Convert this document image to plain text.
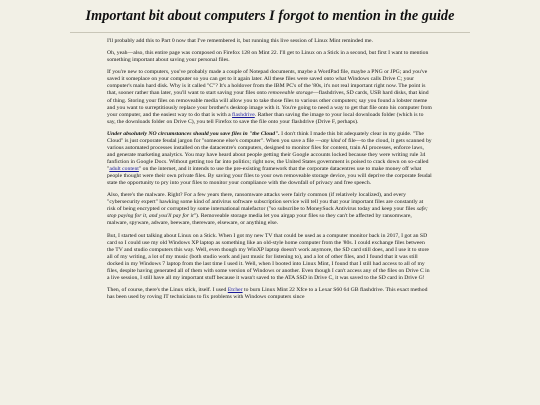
Important bit about computers I forgot to mention in the guide

I'll probably add this to Part 0 now that I've remembered it, but running this live session of Linux Mint reminded me.

Oh, yeah—also, this entire page was composed on Firefox 128 on Mint 22. I'll get to Linux on a Stick in a second, but first I want to mention something important about saving your personal files.

If you're new to computers, you've probably made a couple of Notepad documents, maybe a WordPad file, maybe a PNG or JPG; and you've saved it someplace on your computer so you can get to it again later. All these files were saved onto what Windows calls Drive C; your computer's main hard disk. Why is it called "C"? It's a holdover from the IBM PC's of the '80s, it's not real important right now. The point is that, sooner rather than later, you'll want to start saving your files onto removeable storage—flashdrives, SD cards, USB hard disks, that kind of thing. Storing your files on removeable media will allow you to take those files to various other computers; say you found a lobster meme and you want to surreptitiously replace your brother's desktop image with it. You're going to need a way to get that file onto his computer from your computer, and the easiest way to do that is with a flashdrive. Rather than saving the image to your local downloads folder (which is to say, the downloads folder on Drive C), you tell Firefox to save the file onto your flashdrive (Drive F, perhaps).

Under absolutely NO circumstances should you save files in "the Cloud". I don't think I made this bit adequately clear in my guide. "The Cloud" is just corporate feudal jargon for "someone else's computer". When you save a file —any kind of file—to the cloud, it gets scanned by various automated processes installed on the datacentre's computers, designed to monitor files for content, train AI processes, enforce laws, and generate marketing analytics. You may have heard about people getting their Google accounts locked because they were writing rule 34 fanfiction in Google Docs. Without getting too far into politics; right now, the United States government is poised to crack down on so-called "adult content" on the internet, and it intends to use the pre-existing framework that the corporate datacentres use to make money off what people thought were their own private files. By saving your files to your own removeable storage device, you will deprive the corporate feudal state the opportunity to pry into your files to monitor your compliance with the downfall of privacy and free speech.

Also, there's the malware. Right? For a few years there, ransomware attacks were fairly common (if relatively localized), and every "cybersecurity expert" hawking some kind of antivirus software subscription service will tell you that your important files are constantly at risk of being encrypted or corrupted by some international malefactor ("so subscribe to MoneySuck Antivirus today and keep your files safe; stop paying for it, and you'll pay for it"). Removeable storage media let you airgap your files so they can't be affected by ransomware, malware, spyware, adware, beeware, thereware, elseware, or anything else.

But, I started out talking about Linux on a Stick. When I got my new TV that could be used as a computer monitor back in 2017, I got an SD card so I could use my old Windows XP laptop as something like an old-style home computer from the '80s. I could exchange files between the TV and studio computers this way. Well, even though my WinXP laptop doesn't work anymore, the SD card still does, and I use it to store all of my writing, a lot of my music (both studio work and just music for listening to), and a lot of other files, and I found that it was still docked in my Windows 7 laptop from the last time I used it. Well, when I booted into Linux Mint, I found that I still had access to all of my files, despite having generated all of them with some version of Windows or another. Even though I can't access any of the files on Drive C in a live session, I still have all my important stuff because it wasn't saved to the ATA SSD in Drive C, it was saved to the SD card in Drive G!

Then, of course, there's the Linux stick, itself. I used Etcher to burn Linux Mint 22 Xfce to a Lexar S60 64 GB flashdrive. This exact method has been used by roving IT technicians to fix problems with Windows computers since
